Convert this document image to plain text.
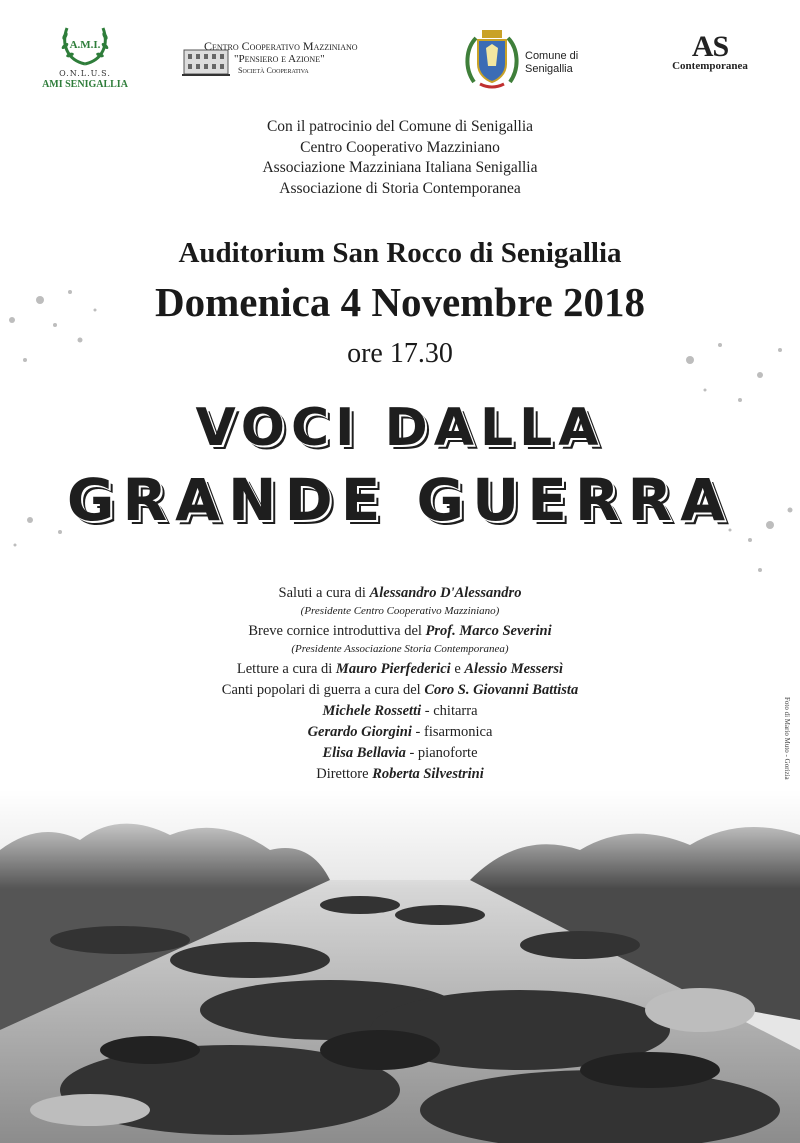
A.M.I.
O.N.L.U.S.
AMI SENIGALLIA
Centro Cooperativo Mazziniano
"Pensiero e Azione"
Società Cooperativa
Comune di
Senigallia
AS
Contemporanea
Con il patrocinio del Comune di Senigallia
Centro Cooperativo Mazziniano
Associazione Mazziniana Italiana Senigallia
Associazione di Storia Contemporanea
Auditorium San Rocco di Senigallia
Domenica 4 Novembre 2018
ore 17.30
VOCI DALLA
GRANDE GUERRA
Saluti a cura di Alessandro D'Alessandro
(Presidente Centro Cooperativo Mazziniano)
Breve cornice introduttiva del Prof. Marco Severini
(Presidente Associazione Storia Contemporanea)
Letture a cura di Mauro Pierfederici e Alessio Messersì
Canti popolari di guerra a cura del Coro S. Giovanni Battista
Michele Rossetti - chitarra
Gerardo Giorgini - fisarmonica
Elisa Bellavia - pianoforte
Direttore Roberta Silvestrini	Foto di Mario Muto - Gorizia
